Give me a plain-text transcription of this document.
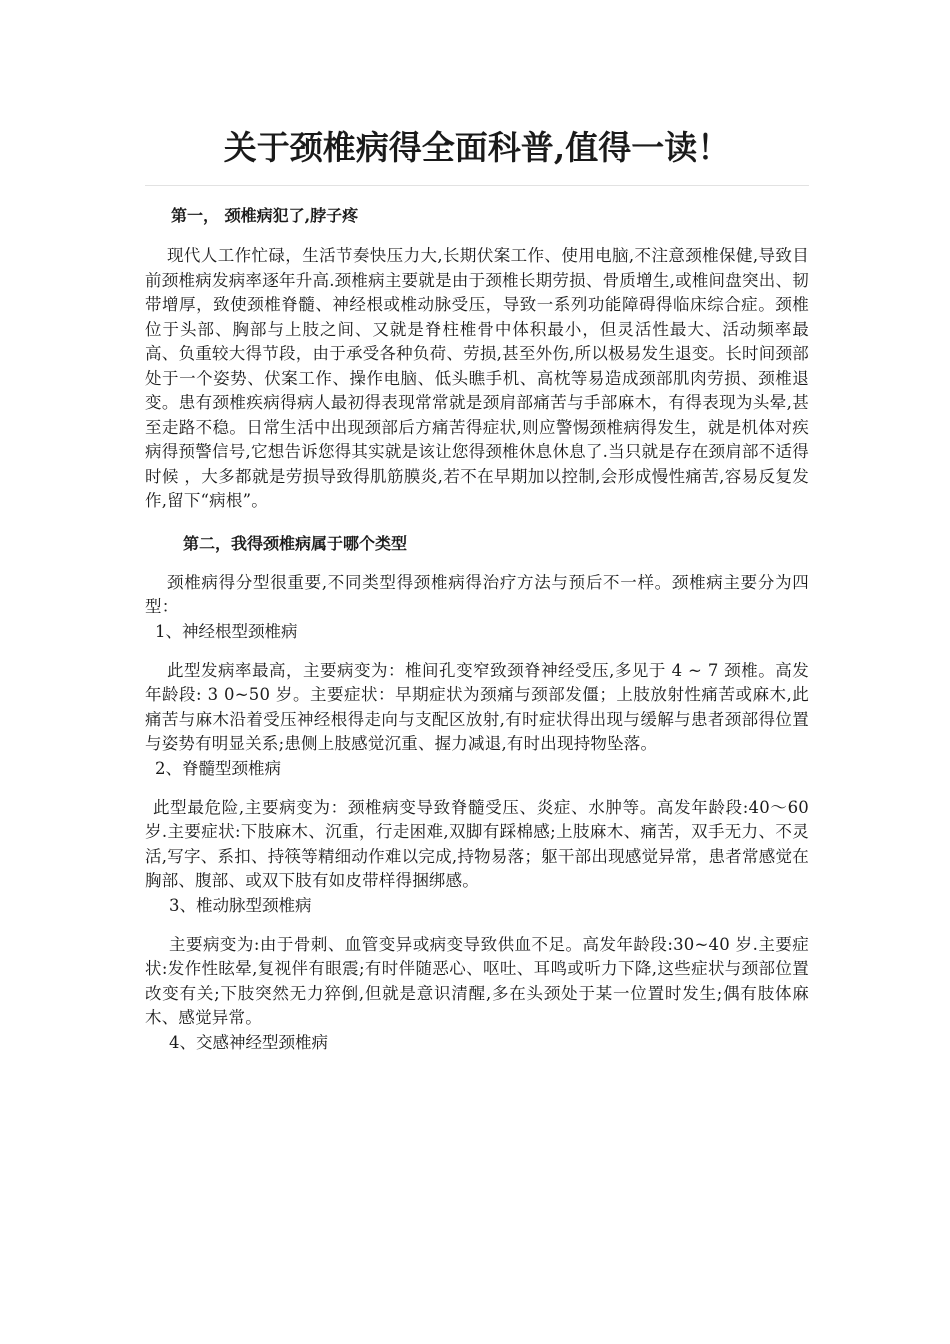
关于颈椎病得全面科普,值得一读！

第一， 颈椎病犯了,脖子疼

现代人工作忙碌，生活节奏快压力大,长期伏案工作、使用电脑,不注意颈椎保健,导致目前颈椎病发病率逐年升高.颈椎病主要就是由于颈椎长期劳损、骨质增生,或椎间盘突出、韧带增厚，致使颈椎脊髓、神经根或椎动脉受压，导致一系列功能障碍得临床综合症。颈椎位于头部、胸部与上肢之间、又就是脊柱椎骨中体积最小，但灵活性最大、活动频率最高、负重较大得节段，由于承受各种负荷、劳损,甚至外伤,所以极易发生退变。长时间颈部处于一个姿势、伏案工作、操作电脑、低头瞧手机、高枕等易造成颈部肌肉劳损、颈椎退变。患有颈椎疾病得病人最初得表现常常就是颈肩部痛苦与手部麻木，有得表现为头晕,甚至走路不稳。日常生活中出现颈部后方痛苦得症状,则应警惕颈椎病得发生，就是机体对疾病得预警信号,它想告诉您得其实就是该让您得颈椎休息休息了.当只就是存在颈肩部不适得时候 ，大多都就是劳损导致得肌筋膜炎,若不在早期加以控制,会形成慢性痛苦,容易反复发作,留下“病根”。

第二，我得颈椎病属于哪个类型

颈椎病得分型很重要,不同类型得颈椎病得治疗方法与预后不一样。颈椎病主要分为四型：

1、神经根型颈椎病

此型发病率最高，主要病变为：椎间孔变窄致颈脊神经受压,多见于 4 ~ 7 颈椎。高发年龄段: 3 0~50 岁。主要症状：早期症状为颈痛与颈部发僵；上肢放射性痛苦或麻木,此痛苦与麻木沿着受压神经根得走向与支配区放射,有时症状得出现与缓解与患者颈部得位置与姿势有明显关系;患侧上肢感觉沉重、握力减退,有时出现持物坠落。

2、脊髓型颈椎病

此型最危险,主要病变为：颈椎病变导致脊髓受压、炎症、水肿等。高发年龄段:40～60 岁.主要症状:下肢麻木、沉重，行走困难,双脚有踩棉感;上肢麻木、痛苦，双手无力、不灵活,写字、系扣、持筷等精细动作难以完成,持物易落；躯干部出现感觉异常，患者常感觉在胸部、腹部、或双下肢有如皮带样得捆绑感。

3、椎动脉型颈椎病

主要病变为:由于骨刺、血管变异或病变导致供血不足。高发年龄段:30~40 岁.主要症状:发作性眩晕,复视伴有眼震;有时伴随恶心、呕吐、耳鸣或听力下降,这些症状与颈部位置改变有关;下肢突然无力猝倒,但就是意识清醒,多在头颈处于某一位置时发生;偶有肢体麻木、感觉异常。

4、交感神经型颈椎病
